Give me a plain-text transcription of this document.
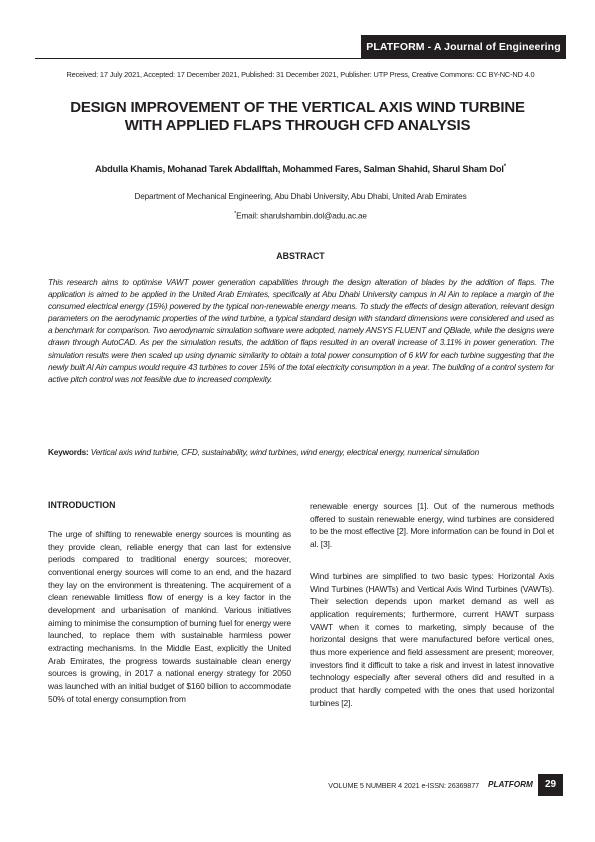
PLATFORM - A Journal of Engineering
Received: 17 July 2021, Accepted: 17 December 2021, Published: 31 December 2021, Publisher: UTP Press, Creative Commons: CC BY-NC-ND 4.0
DESIGN IMPROVEMENT OF THE VERTICAL AXIS WIND TURBINE
WITH APPLIED FLAPS THROUGH CFD ANALYSIS
Abdulla Khamis, Mohanad Tarek Abdallftah, Mohammed Fares, Salman Shahid, Sharul Sham Dol*
Department of Mechanical Engineering, Abu Dhabi University, Abu Dhabi, United Arab Emirates
*Email: sharulshambin.dol@adu.ac.ae
ABSTRACT

This research aims to optimise VAWT power generation capabilities through the design alteration of blades by the addition of flaps. The application is aimed to be applied in the United Arab Emirates, specifically at Abu Dhabi University campus in Al Ain to replace a margin of the consumed electrical energy (15%) powered by the typical non-renewable energy means. To study the effects of design alteration, relevant design parameters on the aerodynamic properties of the wind turbine, a typical standard design with standard dimensions were considered and used as a benchmark for comparison. Two aerodynamic simulation software were adopted, namely ANSYS FLUENT and QBlade, while the designs were drawn through AutoCAD. As per the simulation results, the addition of flaps resulted in an overall increase of 3.11% in power generation. The simulation results were then scaled up using dynamic similarity to obtain a total power consumption of 6 kW for each turbine suggesting that the newly built Al Ain campus would require 43 turbines to cover 15% of the total electricity consumption in a year. The building of a control system for active pitch control was not feasible due to increased complexity.

Keywords: Vertical axis wind turbine, CFD, sustainability, wind turbines, wind energy, electrical energy, numerical simulation

INTRODUCTION

The urge of shifting to renewable energy sources is mounting as they provide clean, reliable energy that can last for extensive periods compared to traditional energy sources; moreover, conventional energy sources will come to an end, and the hazard they lay on the environment is threatening. The acquirement of a clean renewable limitless flow of energy is a key factor in the development and urbanisation of mankind. Various initiatives aiming to minimise the consumption of burning fuel for energy were launched, to replace them with sustainable harmless power extracting mechanisms. In the Middle East, explicitly the United Arab Emirates, the progress towards sustainable clean energy sources is growing, in 2017 a national energy strategy for 2050 was launched with an initial budget of $160 billion to accommodate 50% of total energy consumption from

renewable energy sources [1]. Out of the numerous methods offered to sustain renewable energy, wind turbines are considered to be the most effective [2]. More information can be found in Dol et al. [3].

Wind turbines are simplified to two basic types: Horizontal Axis Wind Turbines (HAWTs) and Vertical Axis Wind Turbines (VAWTs). Their selection depends upon market demand as well as application requirements; furthermore, current HAWT surpass VAWT when it comes to marketing, simply because of the horizontal designs that were manufactured before vertical ones, thus more experience and field assessment are present; moreover, investors find it difficult to take a risk and invest in latest innovative technology especially after several others did and resulted in a product that hardly competed with the ones that used horizontal turbines [2].

VOLUME 5 NUMBER 4 2021 e-ISSN: 26369877 PLATFORM	29
